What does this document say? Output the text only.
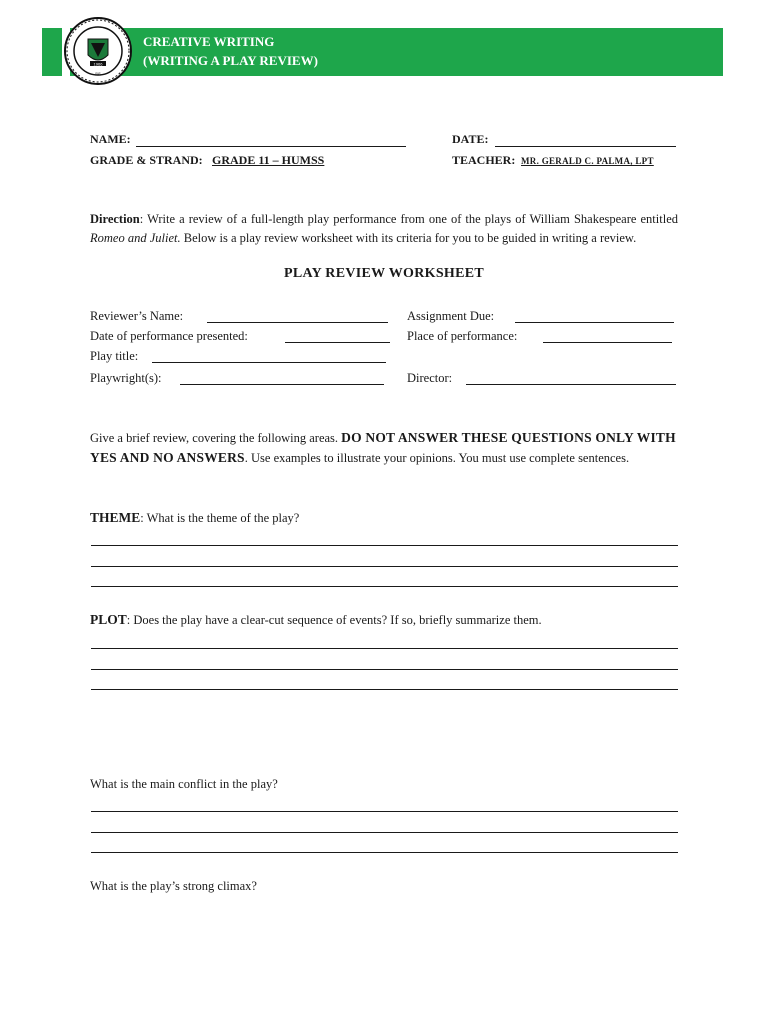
1966
RIS
CREATIVE WRITING
(WRITING A PLAY REVIEW)
NAME:	DATE:
GRADE & STRAND: GRADE 11 – HUMSS	TEACHER: MR. GERALD C. PALMA, LPT
Direction: Write a review of a full-length play performance from one of the plays of William Shakespeare entitled Romeo and Juliet. Below is a play review worksheet with its criteria for you to be guided in writing a review.
PLAY REVIEW WORKSHEET
Reviewer’s Name:	Assignment Due:
Date of performance presented:	Place of performance:
Play title:
Playwright(s):	Director:
Give a brief review, covering the following areas. DO NOT ANSWER THESE QUESTIONS ONLY WITH YES AND NO ANSWERS. Use examples to illustrate your opinions. You must use complete sentences.
THEME: What is the theme of the play?
PLOT: Does the play have a clear-cut sequence of events? If so, briefly summarize them.
What is the main conflict in the play?
What is the play’s strong climax?
